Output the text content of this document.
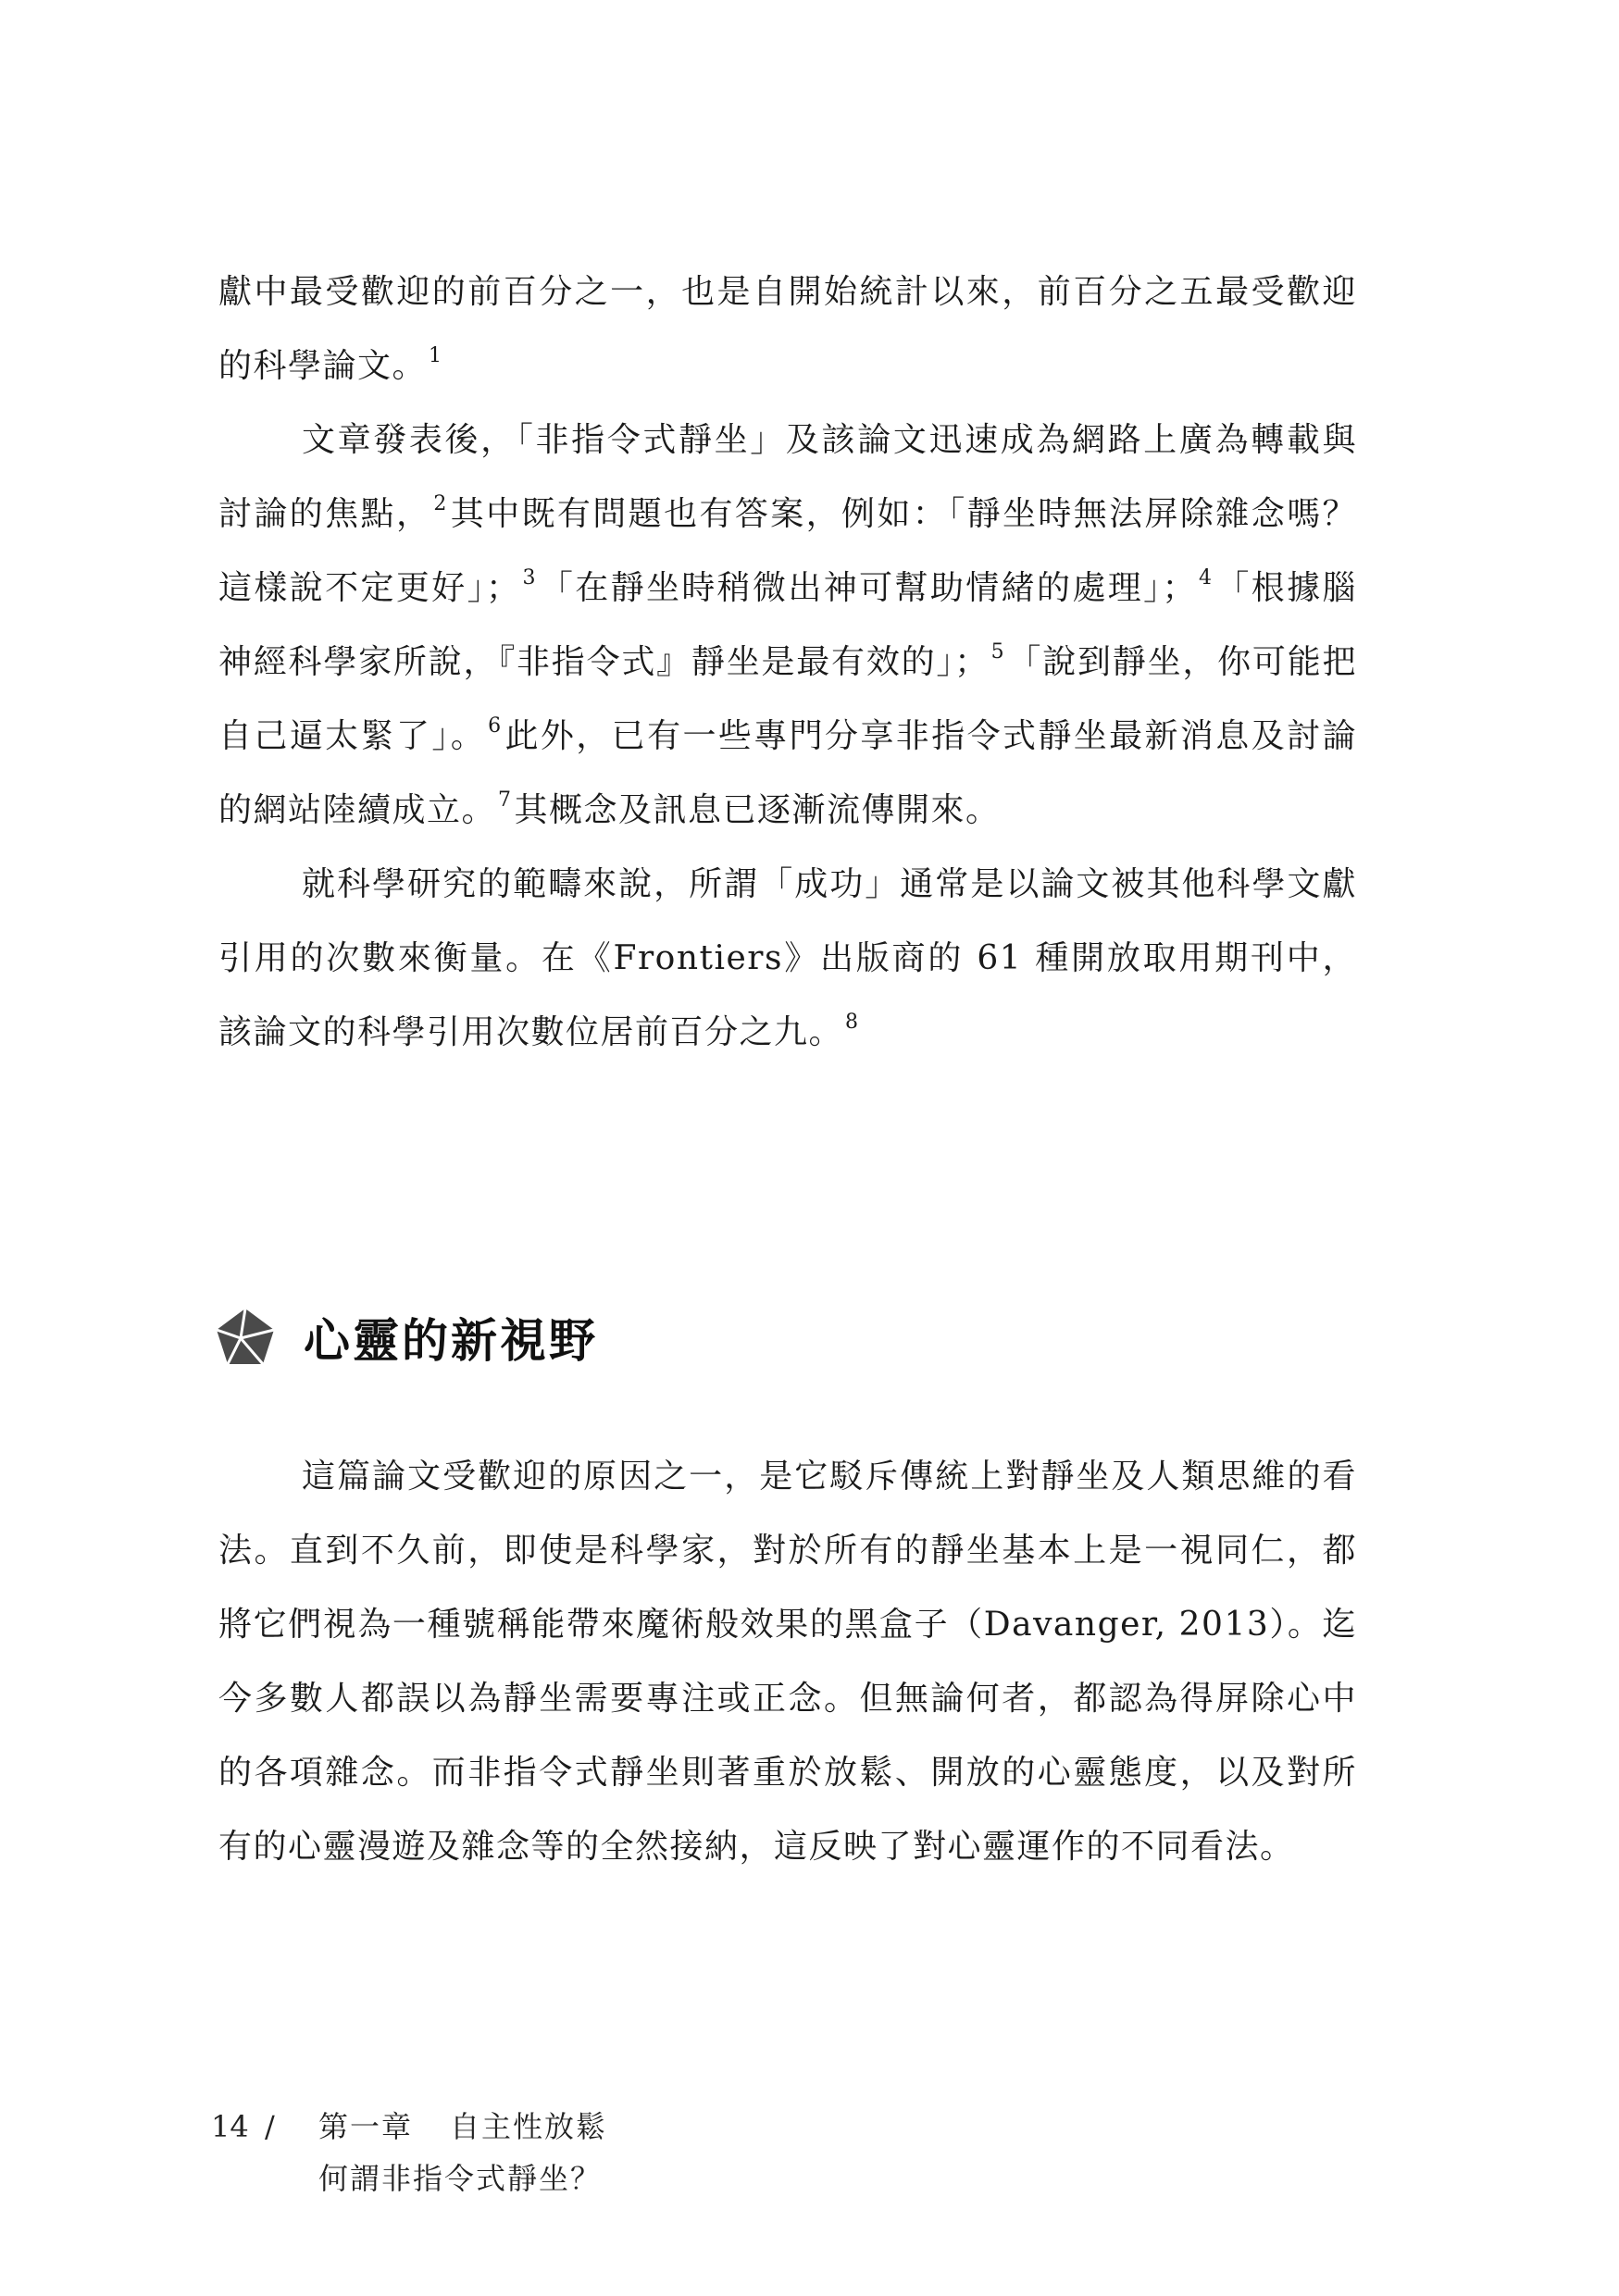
獻中最受歡迎的前百分之一，也是自開始統計以來，前百分之五最受歡迎的科學論文。$^1$

文章發表後，「非指令式靜坐」及該論文迅速成為網路上廣為轉載與討論的焦點，$^2$其中既有問題也有答案，例如：「靜坐時無法屏除雜念嗎？這樣說不定更好」；$^3$「在靜坐時稍微出神可幫助情緒的處理」；$^4$「根據腦神經科學家所說，『非指令式』靜坐是最有效的」；$^5$「說到靜坐，你可能把自己逼太緊了」。$^6$此外，已有一些專門分享非指令式靜坐最新消息及討論的網站陸續成立。$^7$其概念及訊息已逐漸流傳開來。

就科學研究的範疇來說，所謂「成功」通常是以論文被其他科學文獻引用的次數來衡量。在《Frontiers》出版商的 61 種開放取用期刊中，該論文的科學引用次數位居前百分之九。$^8$

心靈的新視野

這篇論文受歡迎的原因之一，是它駁斥傳統上對靜坐及人類思維的看法。直到不久前，即使是科學家，對於所有的靜坐基本上是一視同仁，都將它們視為一種號稱能帶來魔術般效果的黑盒子（Davanger, 2013）。迄今多數人都誤以為靜坐需要專注或正念。但無論何者，都認為得屏除心中的各項雜念。而非指令式靜坐則著重於放鬆、開放的心靈態度，以及對所有的心靈漫遊及雜念等的全然接納，這反映了對心靈運作的不同看法。

14 /	第一章 自主性放鬆
何謂非指令式靜坐？
